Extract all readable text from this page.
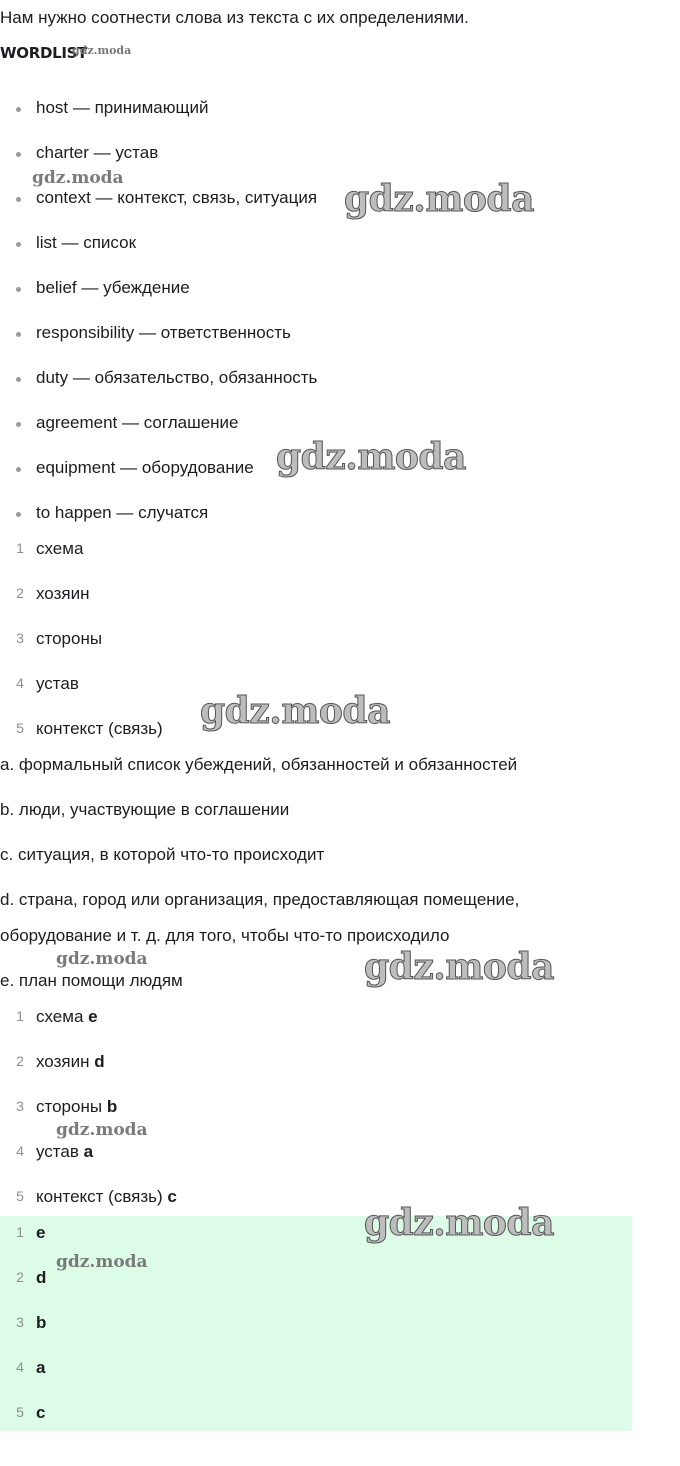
Нам нужно соотнести слова из текста с их определениями.
WORDLIST
gdz.moda
host — принимающий
charter — устав
context — контекст, связь, ситуация
list — список
belief — убеждение
responsibility — ответственность
duty — обязательство, обязанность
agreement — соглашение
equipment — оборудование
to happen — случатся
1 схема
2 хозяин
3 стороны
4 устав
5 контекст (связь)
a. формальный список убеждений, обязанностей и обязанностей
b. люди, участвующие в соглашении
c. ситуация, в которой что-то происходит
d. страна, город или организация, предоставляющая помещение,
оборудование и т. д. для того, чтобы что-то происходило
e. план помощи людям
1 схема e
2 хозяин d
3 стороны b
4 устав a
5 контекст (связь) c
1 e
2 d
3 b
4 a
5 c
gdz.moda	gdz.moda
gdz.moda
gdz.moda
gdz.moda	gdz.moda
gdz.moda
gdz.moda
gdz.moda
